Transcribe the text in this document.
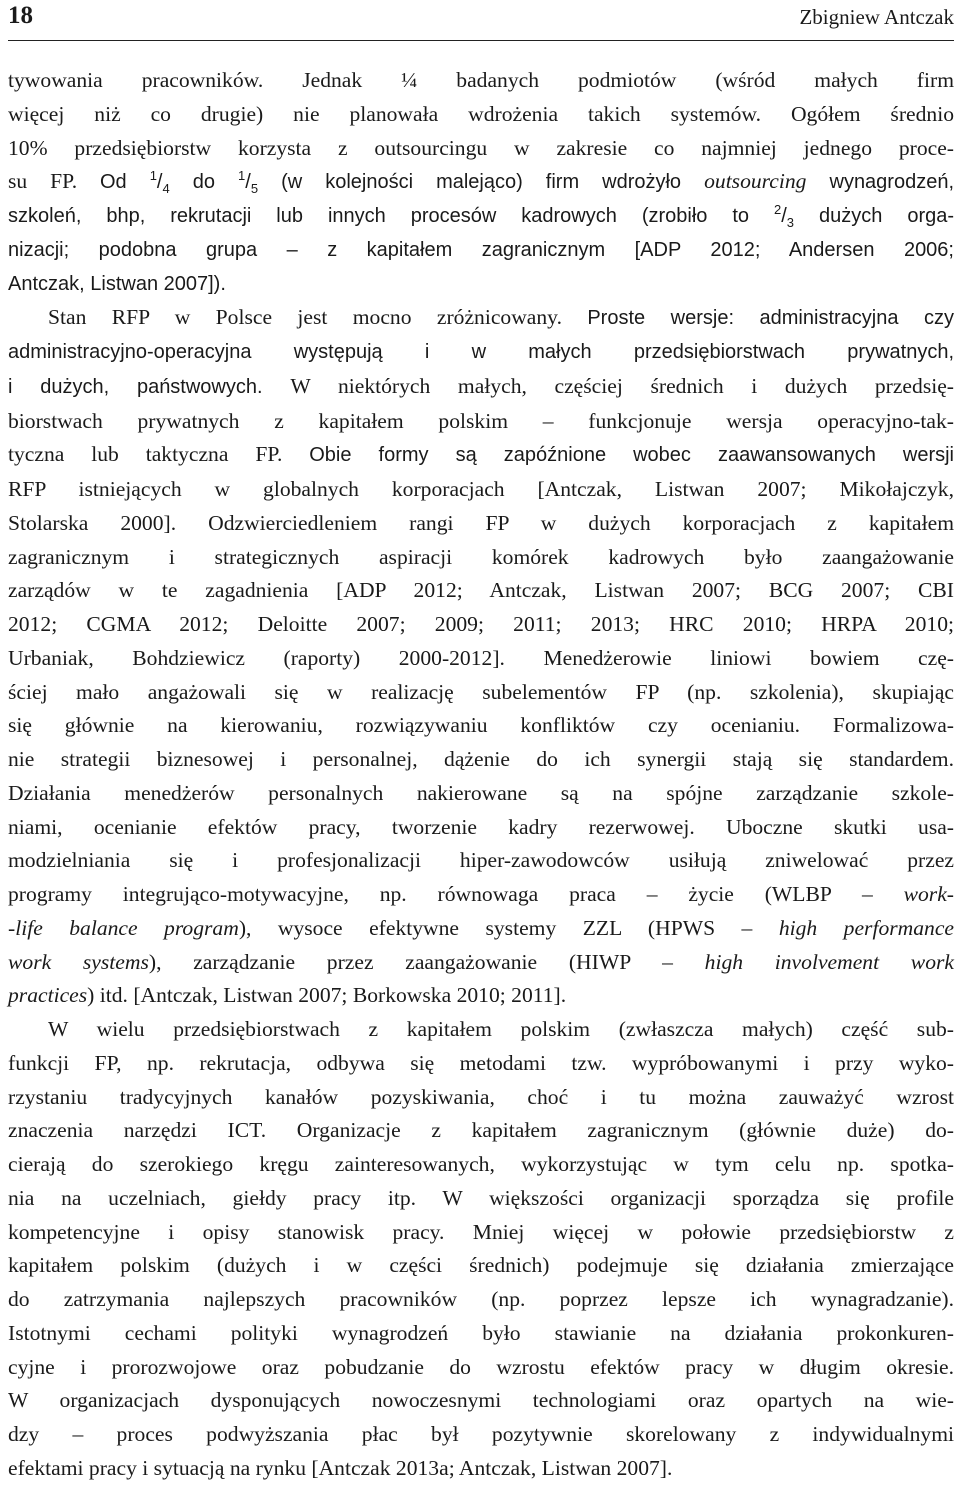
18	Zbigniew Antczak

tywowania pracowników. Jednak ¼ badanych podmiotów (wśród małych firm
więcej niż co drugie) nie planowała wdrożenia takich systemów. Ogółem średnio
10% przedsiębiorstw korzysta z outsourcingu w zakresie co najmniej jednego proce-
su FP. Od $^1/_4$ do $^1/_5$ (w kolejności malejąco) firm wdrożyło outsourcing wynagrodzeń,
szkoleń, bhp, rekrutacji lub innych procesów kadrowych (zrobiło to $^2/_3$ dużych orga-
nizacji; podobna grupa – z kapitałem zagranicznym [ADP 2012; Andersen 2006;
Antczak, Listwan 2007]).

Stan RFP w Polsce jest mocno zróżnicowany. Proste wersje: administracyjna czy
administracyjno-operacyjna występują i w małych przedsiębiorstwach prywatnych,
i dużych, państwowych. W niektórych małych, częściej średnich i dużych przedsię-
biorstwach prywatnych z kapitałem polskim – funkcjonuje wersja operacyjno-tak-
tyczna lub taktyczna FP. Obie formy są zapóźnione wobec zaawansowanych wersji
RFP istniejących w globalnych korporacjach [Antczak, Listwan 2007; Mikołajczyk,
Stolarska 2000]. Odzwierciedleniem rangi FP w dużych korporacjach z kapitałem
zagranicznym i strategicznych aspiracji komórek kadrowych było zaangażowanie
zarządów w te zagadnienia [ADP 2012; Antczak, Listwan 2007; BCG 2007; CBI
2012; CGMA 2012; Deloitte 2007; 2009; 2011; 2013; HRC 2010; HRPA 2010;
Urbaniak, Bohdziewicz (raporty) 2000-2012]. Menedżerowie liniowi bowiem czę-
ściej mało angażowali się w realizację subelementów FP (np. szkolenia), skupiając
się głównie na kierowaniu, rozwiązywaniu konfliktów czy ocenianiu. Formalizowa-
nie strategii biznesowej i personalnej, dążenie do ich synergii stają się standardem.
Działania menedżerów personalnych nakierowane są na spójne zarządzanie szkole-
niami, ocenianie efektów pracy, tworzenie kadry rezerwowej. Uboczne skutki usa-
modzielniania się i profesjonalizacji hiper-zawodowców usiłują zniwelować przez
programy integrująco-motywacyjne, np. równowaga praca – życie (WLBP – work-
-life balance program), wysoce efektywne systemy ZZL (HPWS – high performance
work systems), zarządzanie przez zaangażowanie (HIWP – high involvement work
practices) itd. [Antczak, Listwan 2007; Borkowska 2010; 2011].

W wielu przedsiębiorstwach z kapitałem polskim (zwłaszcza małych) część sub-
funkcji FP, np. rekrutacja, odbywa się metodami tzw. wypróbowanymi i przy wyko-
rzystaniu tradycyjnych kanałów pozyskiwania, choć i tu można zauważyć wzrost
znaczenia narzędzi ICT. Organizacje z kapitałem zagranicznym (głównie duże) do-
cierają do szerokiego kręgu zainteresowanych, wykorzystując w tym celu np. spotka-
nia na uczelniach, giełdy pracy itp. W większości organizacji sporządza się profile
kompetencyjne i opisy stanowisk pracy. Mniej więcej w połowie przedsiębiorstw z
kapitałem polskim (dużych i w części średnich) podejmuje się działania zmierzające
do zatrzymania najlepszych pracowników (np. poprzez lepsze ich wynagradzanie).
Istotnymi cechami polityki wynagrodzeń było stawianie na działania prokonkuren-
cyjne i prorozwojowe oraz pobudzanie do wzrostu efektów pracy w długim okresie.
W organizacjach dysponujących nowoczesnymi technologiami oraz opartych na wie-
dzy – proces podwyższania płac był pozytywnie skorelowany z indywidualnymi
efektami pracy i sytuacją na rynku [Antczak 2013a; Antczak, Listwan 2007].
